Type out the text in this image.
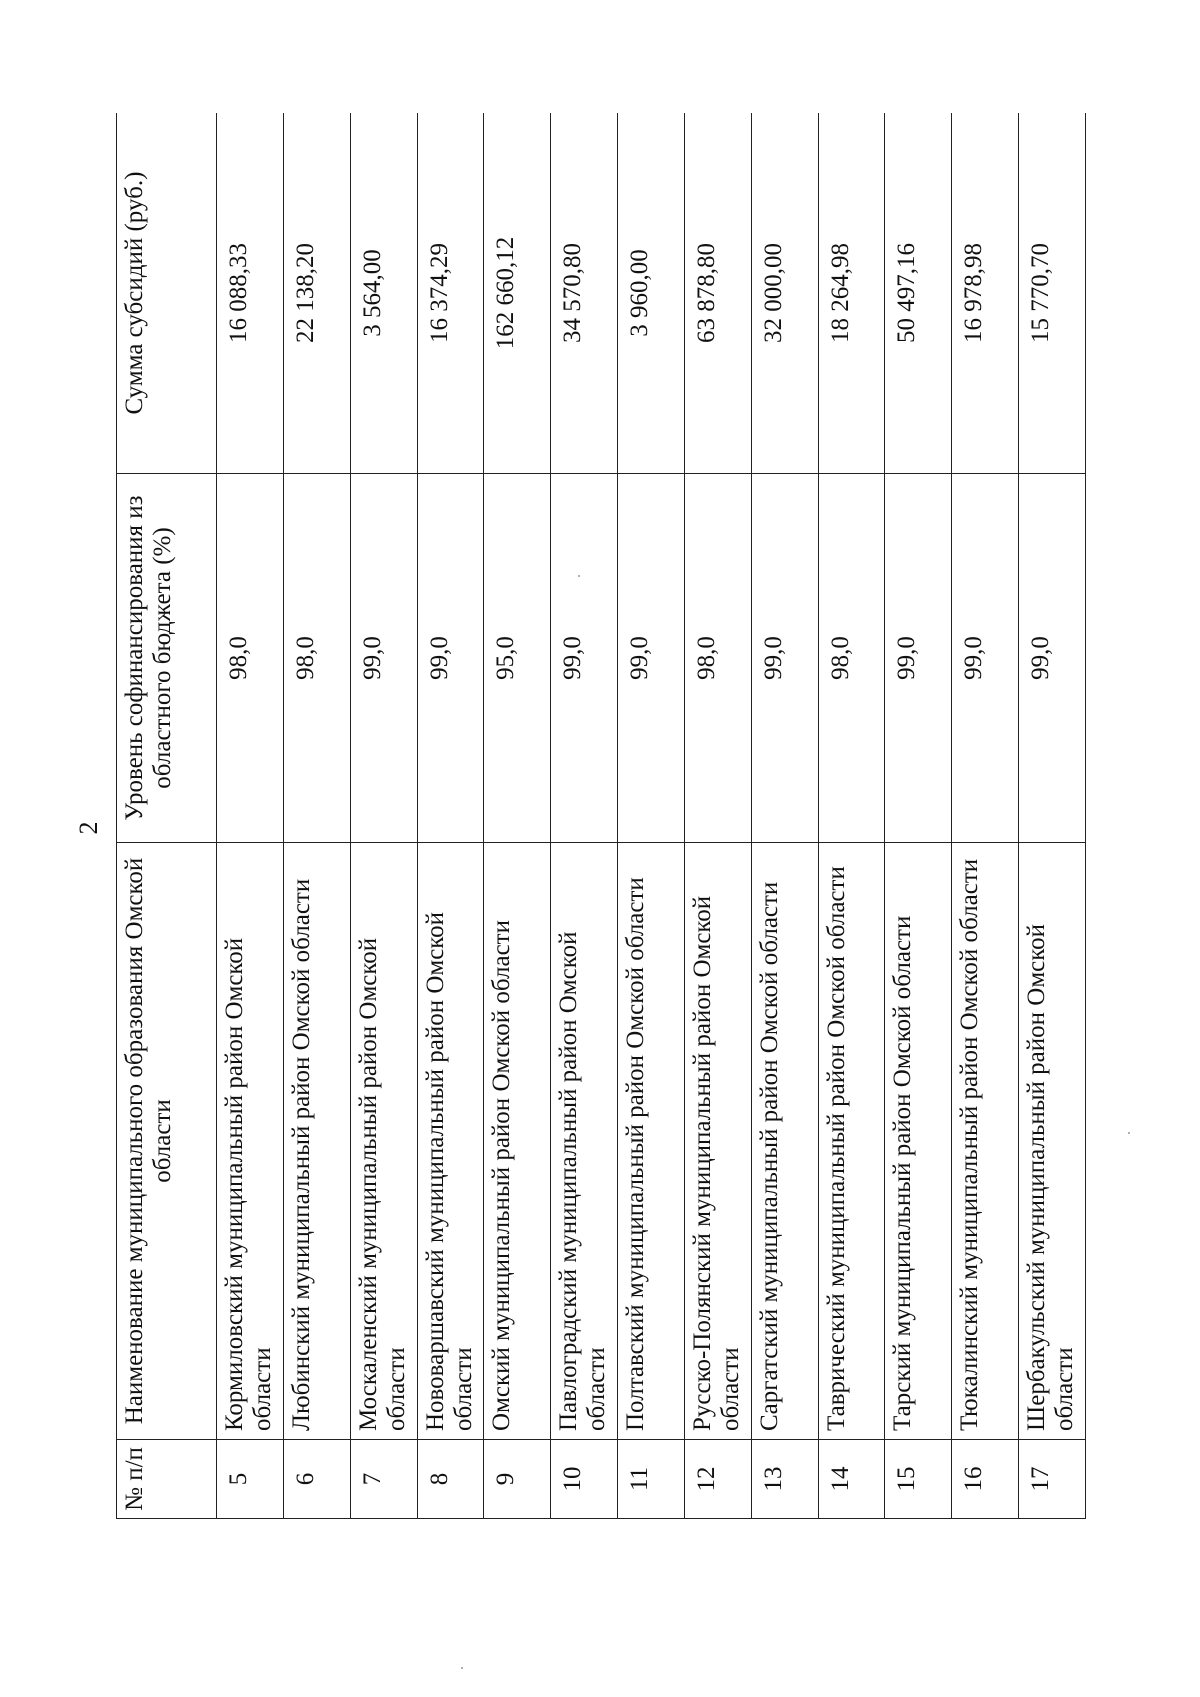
2
№ п/п	Наименование муниципального образования Омской области	Уровень софинансирования из областного бюджета (%)	Сумма субсидий (руб.)
5	Кормиловский муниципальный район Омской области	98,0	16 088,33
6	Любинский муниципальный район Омской области	98,0	22 138,20
7	Москаленский муниципальный район Омской области	99,0	3 564,00
8	Нововаршавский муниципальный район Омской области	99,0	16 374,29
9	Омский муниципальный район Омской области	95,0	162 660,12
10	Павлоградский муниципальный район Омской области	99,0	34 570,80
11	Полтавский муниципальный район Омской области	99,0	3 960,00
12	Русско-Полянский муниципальный район Омской области	98,0	63 878,80
13	Саргатский муниципальный район Омской области	99,0	32 000,00
14	Таврический муниципальный район Омской области	98,0	18 264,98
15	Тарский муниципальный район Омской области	99,0	50 497,16
16	Тюкалинский муниципальный район Омской области	99,0	16 978,98
17	Шербакульский муниципальный район Омской области	99,0	15 770,70
